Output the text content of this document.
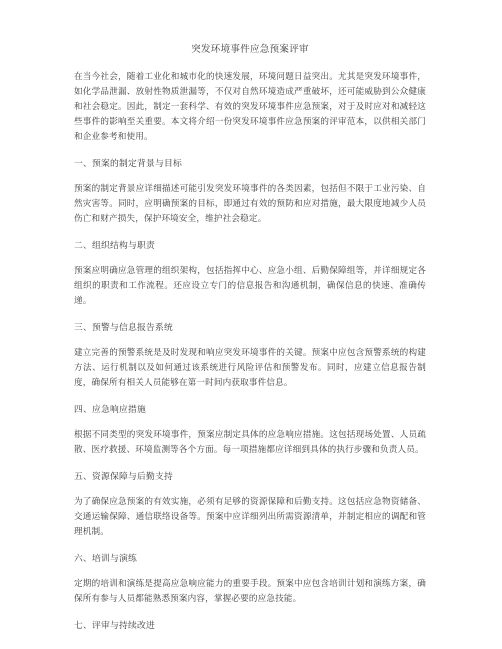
突发环境事件应急预案评审

在当今社会，随着工业化和城市化的快速发展，环境问题日益突出。尤其是突发环境事件，如化学品泄漏、放射性物质泄漏等，不仅对自然环境造成严重破坏，还可能威胁到公众健康和社会稳定。因此，制定一套科学、有效的突发环境事件应急预案，对于及时应对和减轻这些事件的影响至关重要。本文将介绍一份突发环境事件应急预案的评审范本，以供相关部门和企业参考和使用。

一、预案的制定背景与目标

预案的制定背景应详细描述可能引发突发环境事件的各类因素，包括但不限于工业污染、自然灾害等。同时，应明确预案的目标，即通过有效的预防和应对措施，最大限度地减少人员伤亡和财产损失，保护环境安全，维护社会稳定。

二、组织结构与职责

预案应明确应急管理的组织架构，包括指挥中心、应急小组、后勤保障组等，并详细规定各组织的职责和工作流程。还应设立专门的信息报告和沟通机制，确保信息的快速、准确传递。

三、预警与信息报告系统

建立完善的预警系统是及时发现和响应突发环境事件的关键。预案中应包含预警系统的构建方法、运行机制以及如何通过该系统进行风险评估和预警发布。同时，应建立信息报告制度，确保所有相关人员能够在第一时间内获取事件信息。

四、应急响应措施

根据不同类型的突发环境事件，预案应制定具体的应急响应措施。这包括现场处置、人员疏散、医疗救援、环境监测等各个方面。每一项措施都应详细到具体的执行步骤和负责人员。

五、资源保障与后勤支持

为了确保应急预案的有效实施，必须有足够的资源保障和后勤支持。这包括应急物资储备、交通运输保障、通信联络设备等。预案中应详细列出所需资源清单，并制定相应的调配和管理机制。

六、培训与演练

定期的培训和演练是提高应急响应能力的重要手段。预案中应包含培训计划和演练方案，确保所有参与人员都能熟悉预案内容，掌握必要的应急技能。

七、评审与持续改进
